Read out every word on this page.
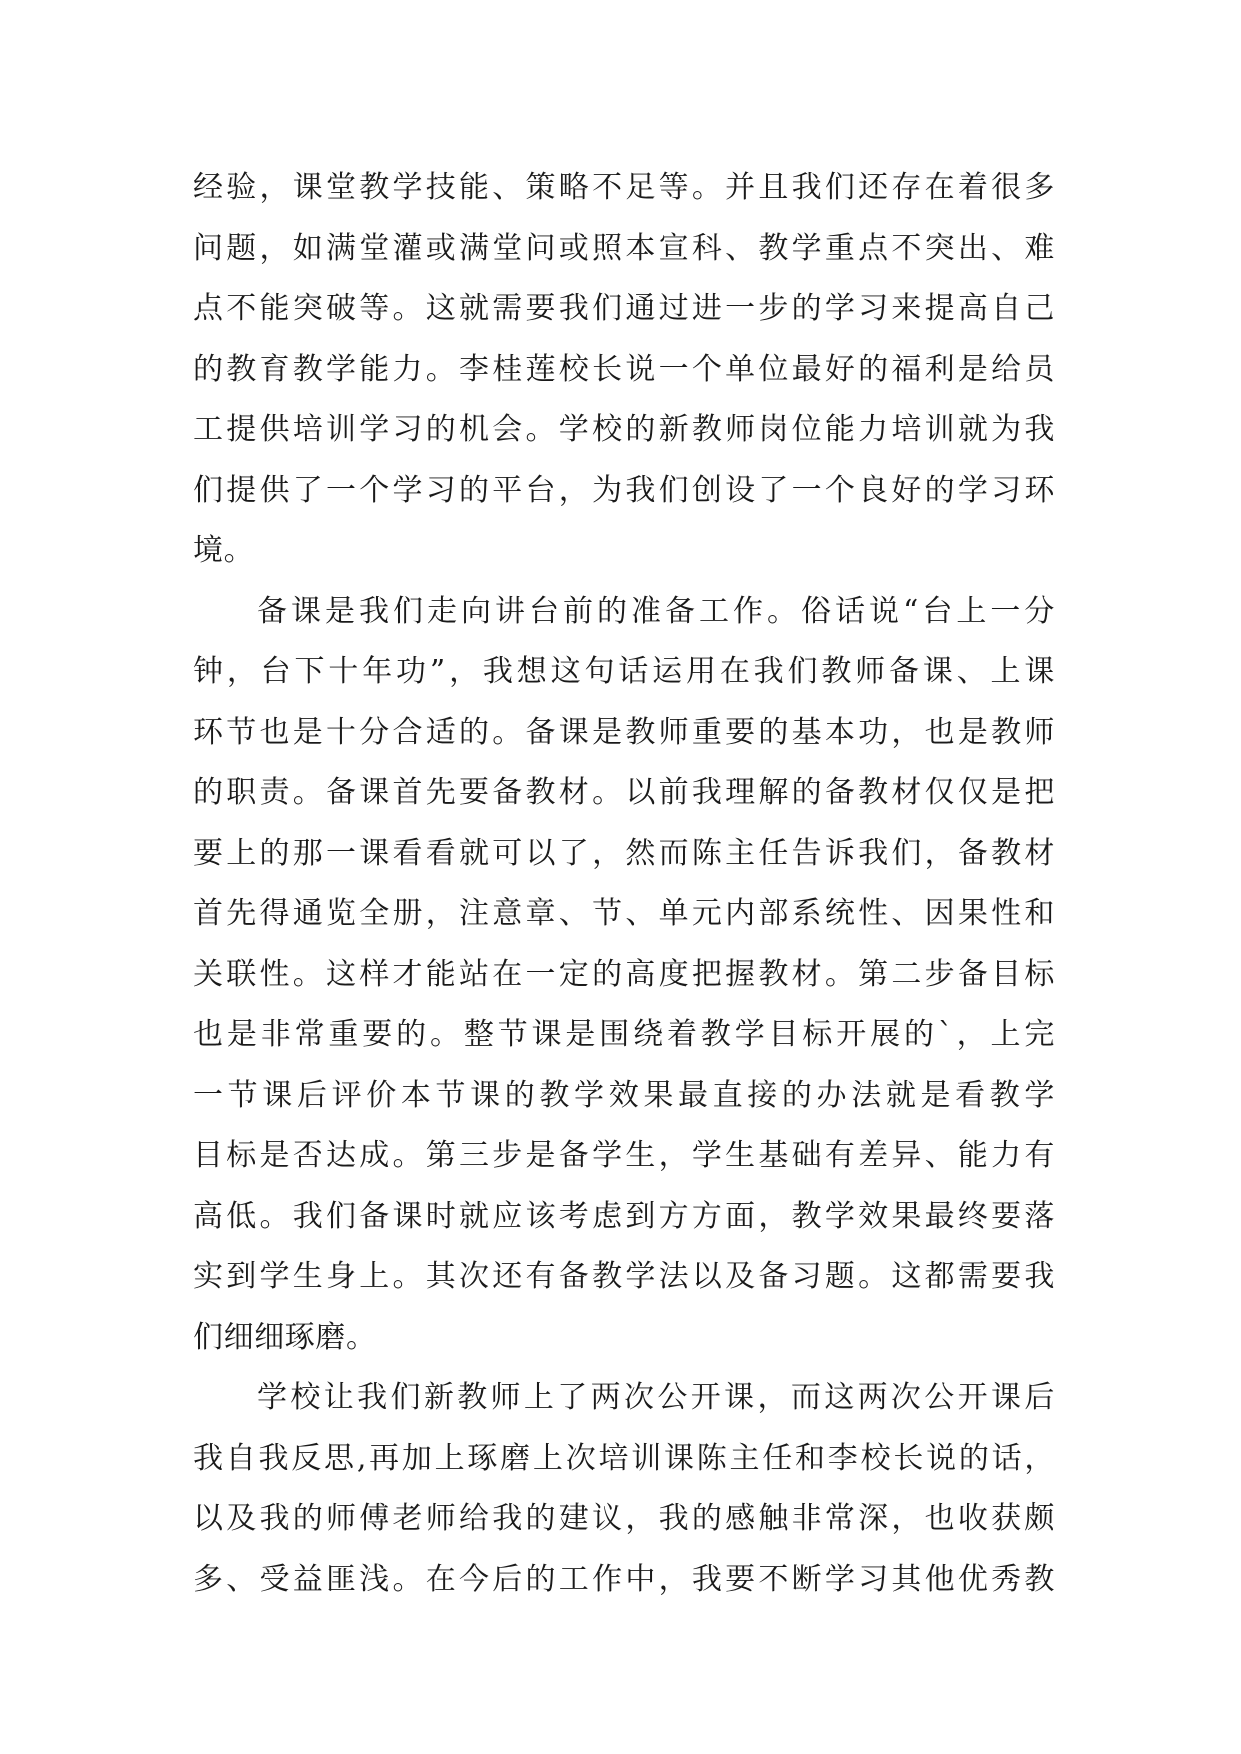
经验，课堂教学技能、策略不足等。并且我们还存在着很多
问题，如满堂灌或满堂问或照本宣科、教学重点不突出、难
点不能突破等。这就需要我们通过进一步的学习来提高自己
的教育教学能力。李桂莲校长说一个单位最好的福利是给员
工提供培训学习的机会。学校的新教师岗位能力培训就为我
们提供了一个学习的平台，为我们创设了一个良好的学习环
境。
备课是我们走向讲台前的准备工作。俗话说“台上一分
钟，台下十年功”，我想这句话运用在我们教师备课、上课
环节也是十分合适的。备课是教师重要的基本功，也是教师
的职责。备课首先要备教材。以前我理解的备教材仅仅是把
要上的那一课看看就可以了，然而陈主任告诉我们，备教材
首先得通览全册，注意章、节、单元内部系统性、因果性和
关联性。这样才能站在一定的高度把握教材。第二步备目标
也是非常重要的。整节课是围绕着教学目标开展的`，上完
一节课后评价本节课的教学效果最直接的办法就是看教学
目标是否达成。第三步是备学生，学生基础有差异、能力有
高低。我们备课时就应该考虑到方方面，教学效果最终要落
实到学生身上。其次还有备教学法以及备习题。这都需要我
们细细琢磨。
学校让我们新教师上了两次公开课，而这两次公开课后
我自我反思,再加上琢磨上次培训课陈主任和李校长说的话，
以及我的师傅老师给我的建议，我的感触非常深，也收获颇
多、受益匪浅。在今后的工作中，我要不断学习其他优秀教
